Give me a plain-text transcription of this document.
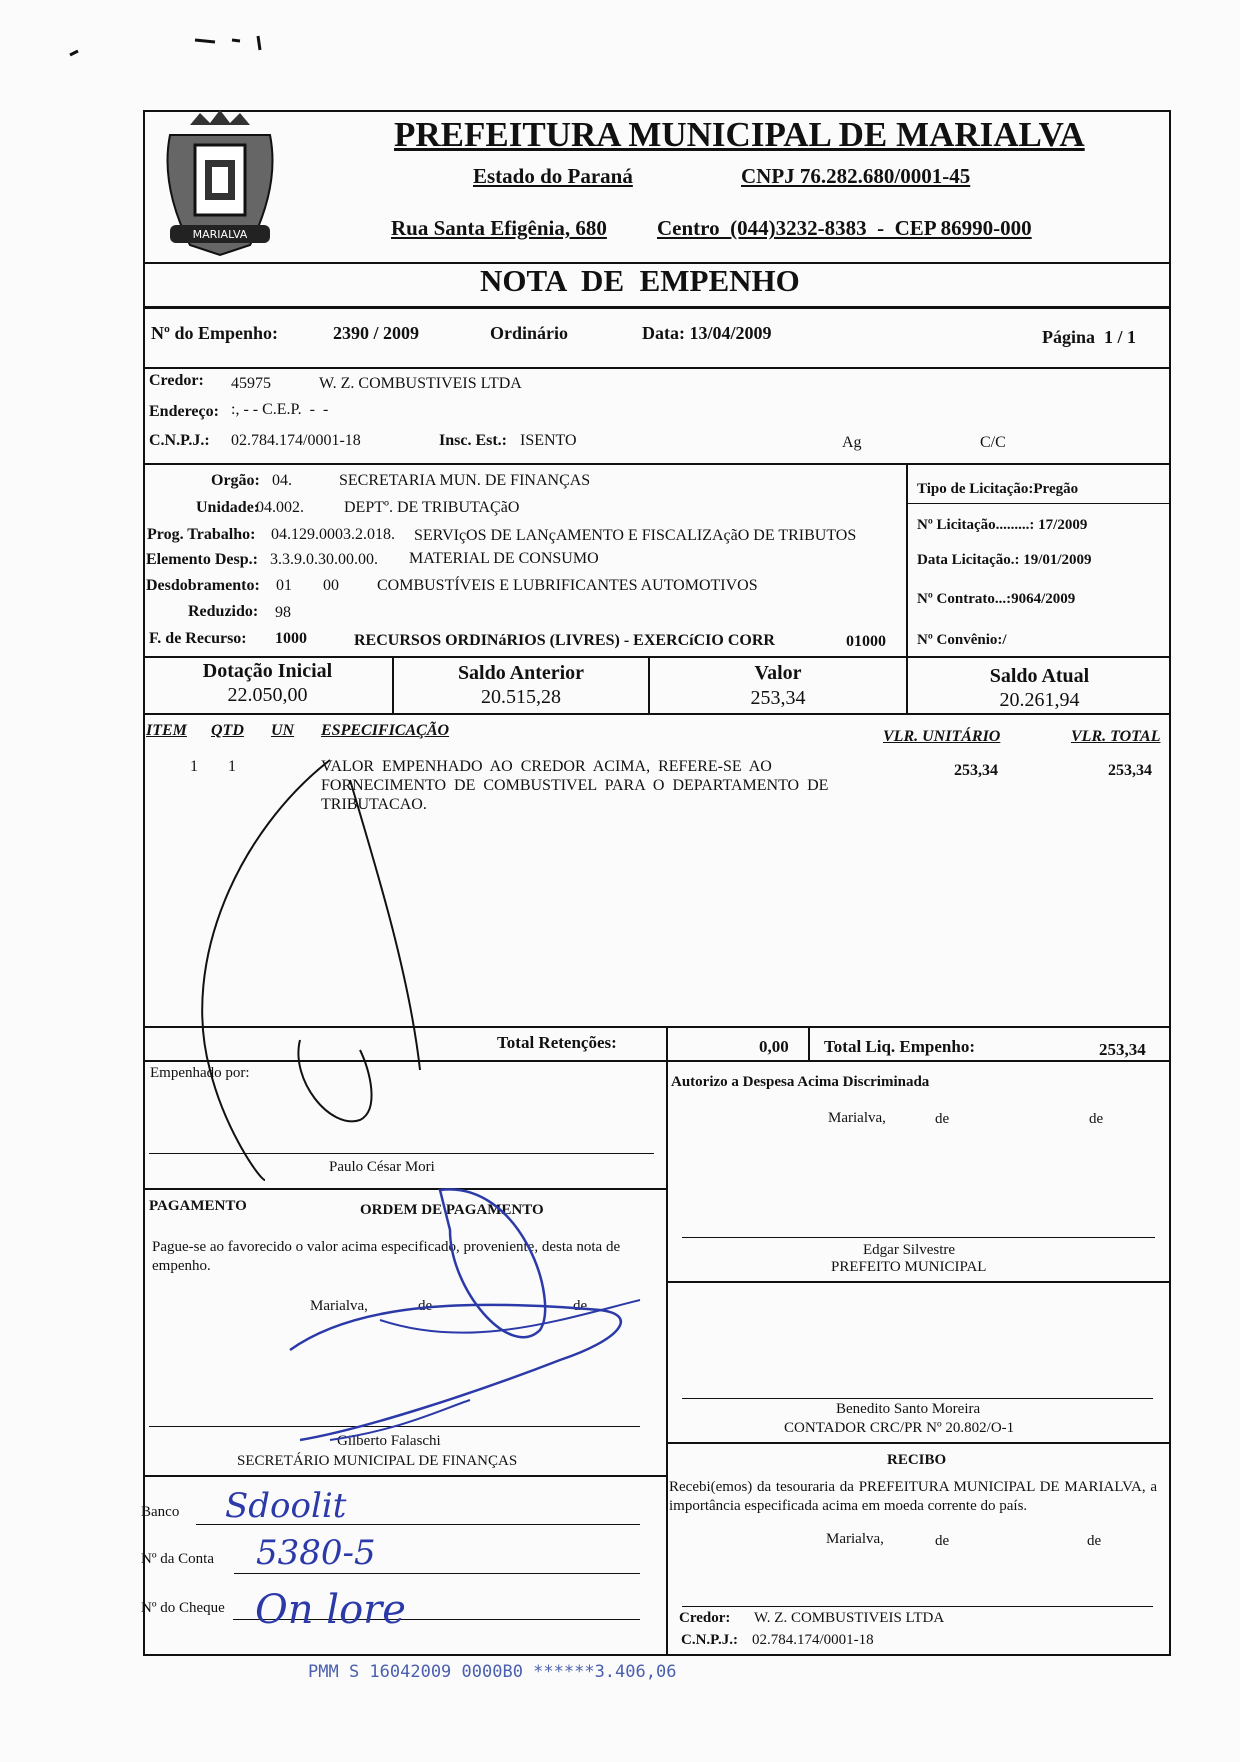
MARIALVA
PREFEITURA MUNICIPAL DE MARIALVA
Estado do Paraná	CNPJ 76.282.680/0001-45
Rua Santa Efigênia, 680 Centro  (044)3232-8383  -  CEP 86990-000
NOTA  DE  EMPENHO
Nº do Empenho:	2390 / 2009	Ordinário	Data: 13/04/2009	Página  1 / 1
Credor: 45975	W. Z. COMBUSTIVEIS LTDA
Endereço: :, - - C.E.P.  -  -
C.N.P.J.: 02.784.174/0001-18	Insc. Est.: ISENTO	Ag	C/C
Orgão: 04.	SECRETARIA MUN. DE FINANÇAS
Unidade:
04.002.	DEPTº. DE TRIBUTAÇãO
Prog. Trabalho: 04.129.0003.2.018. SERVIçOS DE LANçAMENTO E FISCALIZAçãO DE TRIBUTOS
Elemento Desp.: 3.3.9.0.30.00.00. MATERIAL DE CONSUMO
Desdobramento: 01 00 COMBUSTÍVEIS E LUBRIFICANTES AUTOMOTIVOS
Reduzido: 98
F. de Recurso: 1000	RECURSOS ORDINáRIOS (LIVRES) - EXERCíCIO CORR	01000
Tipo de Licitação:Pregão
Nº Licitação.........: 17/2009
Data Licitação.: 19/01/2009
Nº Contrato...:9064/2009
Nº Convênio:/
Dotação Inicial
22.050,00
Saldo Anterior
20.515,28
Valor
253,34
Saldo Atual
20.261,94
ITEM QTD UN ESPECIFICAÇÃO	VLR. UNITÁRIO	VLR. TOTAL
1 1	VALOR  EMPENHADO  AO  CREDOR  ACIMA,  REFERE-SE  AO
FORNECIMENTO  DE  COMBUSTIVEL  PARA  O  DEPARTAMENTO  DE
TRIBUTACAO.
253,34	253,34
Total Retenções:	0,00 Total Liq. Empenho:	253,34
Empenhado por:
Paulo César Mori
Autorizo a Despesa Acima Discriminada
Marialva,	de	de
Edgar Silvestre
PREFEITO MUNICIPAL
PAGAMENTO	ORDEM DE PAGAMENTO
Pague-se ao favorecido o valor acima especificado, proveniente, desta nota de empenho.
Marialva,	de	de
Gilberto Falaschi
SECRETÁRIO MUNICIPAL DE FINANÇAS
Banco Sdoolit
Nº da Conta 5380-5
Nº do Cheque On lore
Benedito Santo Moreira
CONTADOR CRC/PR Nº 20.802/O-1
RECIBO
Recebi(emos) da tesouraria da PREFEITURA MUNICIPAL DE MARIALVA, a importância especificada acima em moeda corrente do país.
Marialva,	de	de
Credor: W. Z. COMBUSTIVEIS LTDA
C.N.P.J.: 02.784.174/0001-18
PMM S 16042009 0000B0 ******3.406,06
